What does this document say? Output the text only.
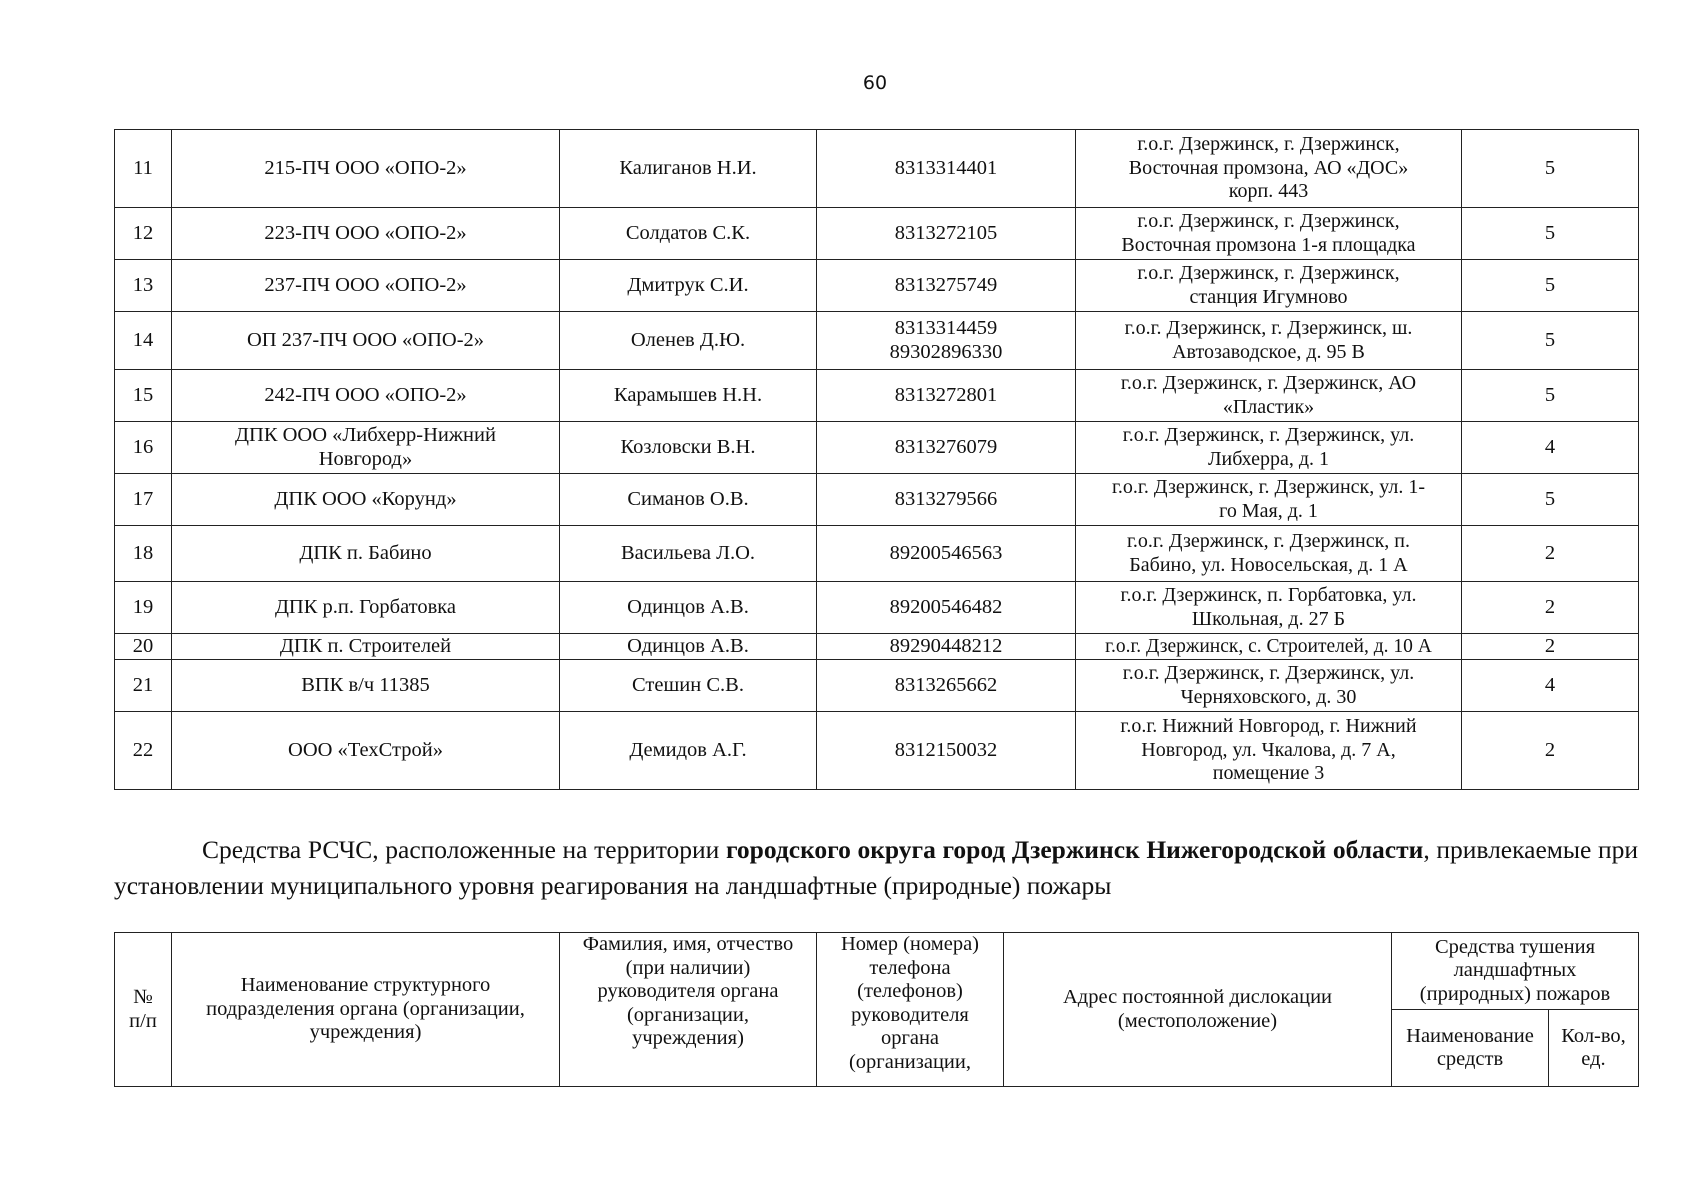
60
11	215-ПЧ ООО «ОПО-2»	Калиганов Н.И.	8313314401	г.о.г. Дзержинск, г. Дзержинск, Восточная промзона, АО «ДОС» корп. 443	5
12	223-ПЧ ООО «ОПО-2»	Солдатов С.К.	8313272105	г.о.г. Дзержинск, г. Дзержинск, Восточная промзона 1-я площадка	5
13	237-ПЧ ООО «ОПО-2»	Дмитрук С.И.	8313275749	г.о.г. Дзержинск, г. Дзержинск, станция Игумново	5
14	ОП 237-ПЧ ООО «ОПО-2»	Оленев Д.Ю.	8313314459 89302896330	г.о.г. Дзержинск, г. Дзержинск, ш. Автозаводское, д. 95 В	5
15	242-ПЧ ООО «ОПО-2»	Карамышев Н.Н.	8313272801	г.о.г. Дзержинск, г. Дзержинск, АО «Пластик»	5
16	ДПК ООО «Либхерр-Нижний Новгород»	Козловски В.Н.	8313276079	г.о.г. Дзержинск, г. Дзержинск, ул. Либхерра, д. 1	4
17	ДПК ООО «Корунд»	Симанов О.В.	8313279566	г.о.г. Дзержинск, г. Дзержинск, ул. 1-го Мая, д. 1	5
18	ДПК п. Бабино	Васильева Л.О.	89200546563	г.о.г. Дзержинск, г. Дзержинск, п. Бабино, ул. Новосельская, д. 1 А	2
19	ДПК р.п. Горбатовка	Одинцов А.В.	89200546482	г.о.г. Дзержинск, п. Горбатовка, ул. Школьная, д. 27 Б	2
20	ДПК п. Строителей	Одинцов А.В.	89290448212	г.о.г. Дзержинск, с. Строителей, д. 10 А	2
21	ВПК в/ч 11385	Стешин С.В.	8313265662	г.о.г. Дзержинск, г. Дзержинск, ул. Черняховского, д. 30	4
22	ООО «ТехСтрой»	Демидов А.Г.	8312150032	г.о.г. Нижний Новгород, г. Нижний Новгород, ул. Чкалова, д. 7 А, помещение 3	2
Средства РСЧС, расположенные на территории городского округа город Дзержинск Нижегородской области, привлекаемые при установлении муниципального уровня реагирования на ландшафтные (природные) пожары
№ п/п	Наименование структурного подразделения органа (организации, учреждения)	Фамилия, имя, отчество (при наличии) руководителя органа (организации, учреждения)	Номер (номера) телефона (телефонов) руководителя органа (организации,	Адрес постоянной дислокации (местоположение)	Средства тушения ландшафтных (природных) пожаров	
					Наименование средств	Кол-во, ед.
